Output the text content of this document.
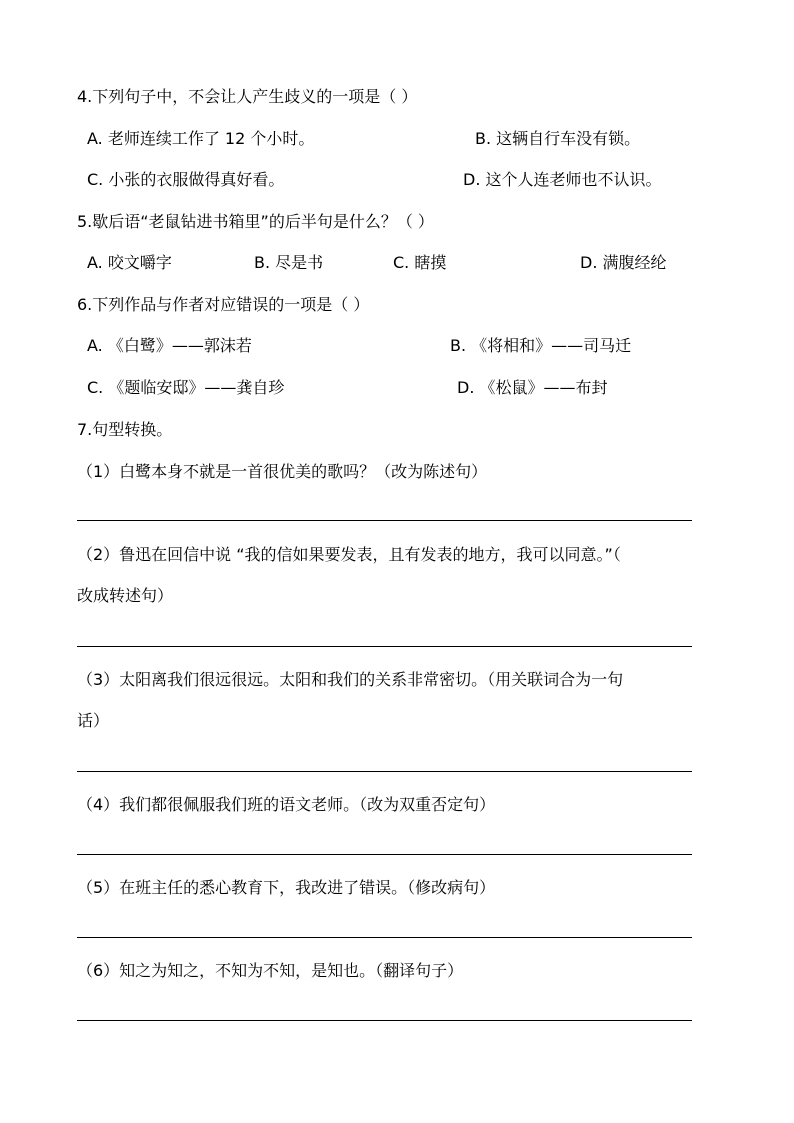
4.下列句子中，不会让人产生歧义的一项是（ ）
A. 老师连续工作了 12 个小时。	B. 这辆自行车没有锁。
C. 小张的衣服做得真好看。	D. 这个人连老师也不认识。
5.歇后语“老鼠钻进书箱里”的后半句是什么？（ ）
A. 咬文嚼字	B. 尽是书	C. 瞎摸	D. 满腹经纶
6.下列作品与作者对应错误的一项是（ ）
A. 《白鹭》——郭沫若	B. 《将相和》——司马迁
C. 《题临安邸》——龚自珍	D. 《松鼠》——布封
7.句型转换。
（1）白鹭本身不就是一首很优美的歌吗？（改为陈述句）
（2）鲁迅在回信中说 “我的信如果要发表，且有发表的地方，我可以同意。”（
改成转述句）
（3）太阳离我们很远很远。太阳和我们的关系非常密切。（用关联词合为一句
话）
（4）我们都很佩服我们班的语文老师。（改为双重否定句）
（5）在班主任的悉心教育下，我改进了错误。（修改病句）
（6）知之为知之，不知为不知，是知也。（翻译句子）
